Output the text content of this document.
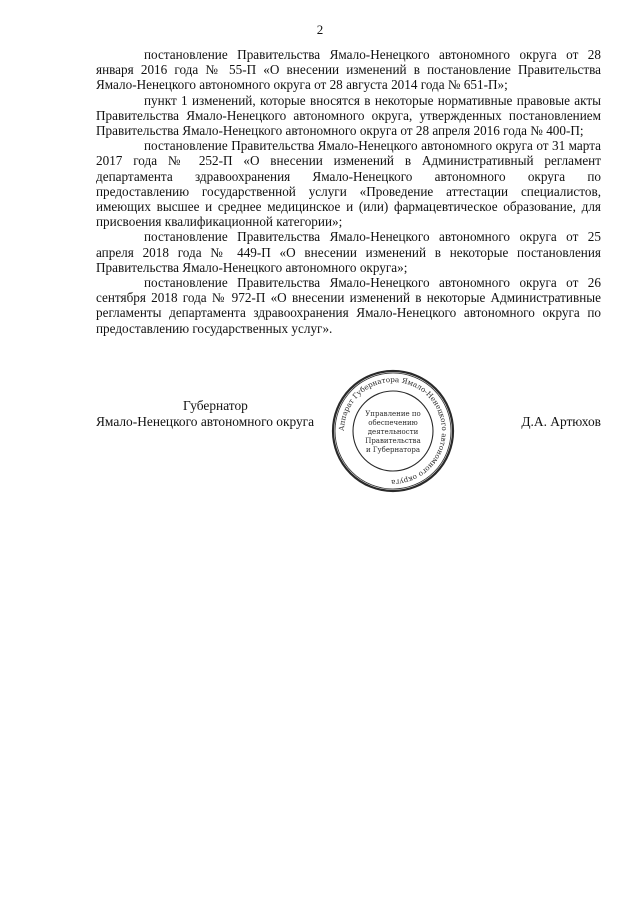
2

постановление Правительства Ямало-Ненецкого автономного округа от 28 января 2016 года № 55-П «О внесении изменений в постановление Правительства Ямало-Ненецкого автономного округа от 28 августа 2014 года № 651-П»;

пункт 1 изменений, которые вносятся в некоторые нормативные правовые акты Правительства Ямало-Ненецкого автономного округа, утвержденных постановлением Правительства Ямало-Ненецкого автономного округа от 28 апреля 2016 года № 400-П;

постановление Правительства Ямало-Ненецкого автономного округа от 31 марта 2017 года № 252-П «О внесении изменений в Административный регламент департамента здравоохранения Ямало-Ненецкого автономного округа по предоставлению государственной услуги «Проведение аттестации специалистов, имеющих высшее и среднее медицинское и (или) фармацевтическое образование, для присвоения квалификационной категории»;

постановление Правительства Ямало-Ненецкого автономного округа от 25 апреля 2018 года № 449-П «О внесении изменений в некоторые постановления Правительства Ямало-Ненецкого автономного округа»;

постановление Правительства Ямало-Ненецкого автономного округа от 26 сентября 2018 года № 972-П «О внесении изменений в некоторые Административные регламенты департамента здравоохранения Ямало-Ненецкого автономного округа по предоставлению государственных услуг».

Губернатор
Ямало-Ненецкого автономного округа	Д.А. Артюхов
Аппарат Губернатора Ямало-Ненецкого автономного округа
Управление по
обеспечению
деятельности
Правительства
и Губернатора
